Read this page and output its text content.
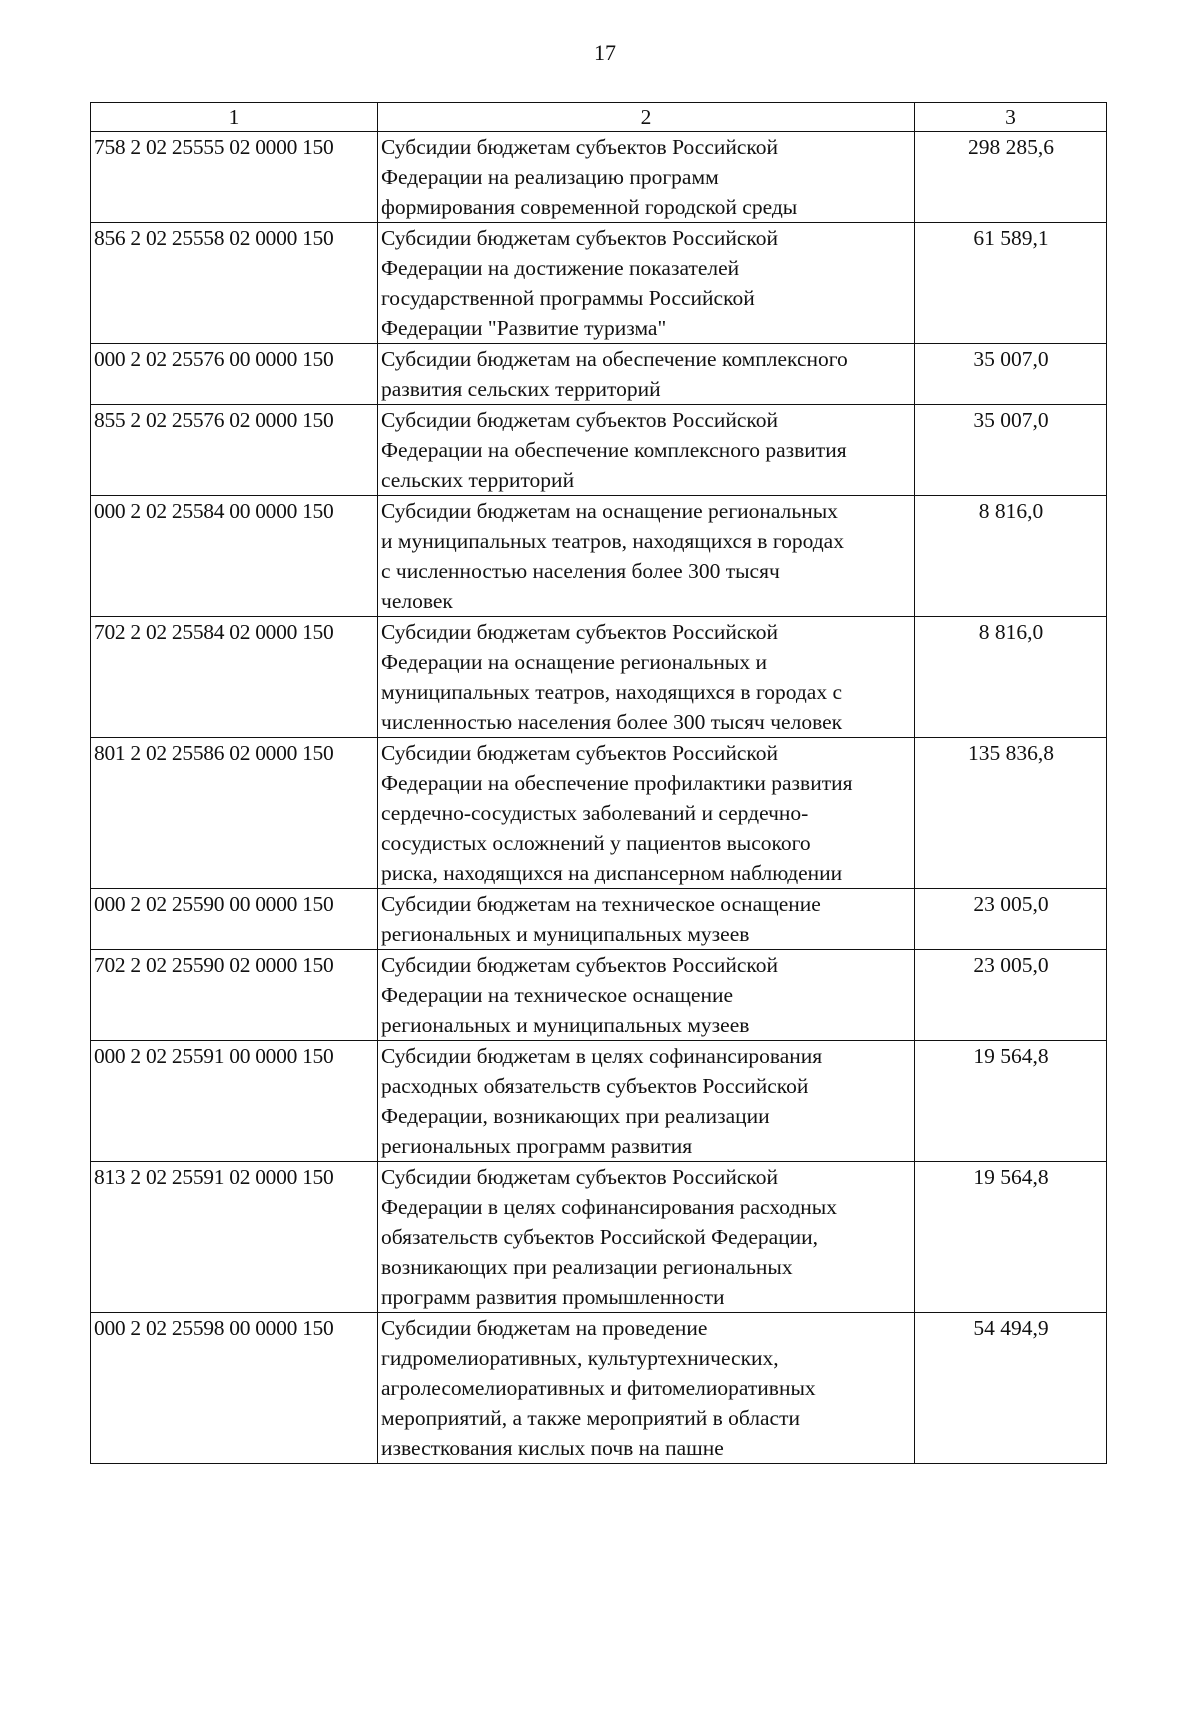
17
1	2	3
758 2 02 25555 02 0000 150	Субсидии бюджетам субъектов Российской
Федерации на реализацию программ
формирования современной городской среды	298 285,6
856 2 02 25558 02 0000 150	Субсидии бюджетам субъектов Российской
Федерации на достижение показателей
государственной программы Российской
Федерации "Развитие туризма"	61 589,1
000 2 02 25576 00 0000 150	Субсидии бюджетам на обеспечение комплексного
развития сельских территорий	35 007,0
855 2 02 25576 02 0000 150	Субсидии бюджетам субъектов Российской
Федерации на обеспечение комплексного развития
сельских территорий	35 007,0
000 2 02 25584 00 0000 150	Субсидии бюджетам на оснащение региональных
и муниципальных театров, находящихся в городах
с численностью населения более 300 тысяч
человек	8 816,0
702 2 02 25584 02 0000 150	Субсидии бюджетам субъектов Российской
Федерации на оснащение региональных и
муниципальных театров, находящихся в городах с
численностью населения более 300 тысяч человек	8 816,0
801 2 02 25586 02 0000 150	Субсидии бюджетам субъектов Российской
Федерации на обеспечение профилактики развития
сердечно-сосудистых заболеваний и сердечно-
сосудистых осложнений у пациентов высокого
риска, находящихся на диспансерном наблюдении	135 836,8
000 2 02 25590 00 0000 150	Субсидии бюджетам на техническое оснащение
региональных и муниципальных музеев	23 005,0
702 2 02 25590 02 0000 150	Субсидии бюджетам субъектов Российской
Федерации на техническое оснащение
региональных и муниципальных музеев	23 005,0
000 2 02 25591 00 0000 150	Субсидии бюджетам в целях софинансирования
расходных обязательств субъектов Российской
Федерации, возникающих при реализации
региональных программ развития	19 564,8
813 2 02 25591 02 0000 150	Субсидии бюджетам субъектов Российской
Федерации в целях софинансирования расходных
обязательств субъектов Российской Федерации,
возникающих при реализации региональных
программ развития промышленности	19 564,8
000 2 02 25598 00 0000 150	Субсидии бюджетам на проведение
гидромелиоративных, культуртехнических,
агролесомелиоративных и фитомелиоративных
мероприятий, а также мероприятий в области
известкования кислых почв на пашне	54 494,9
